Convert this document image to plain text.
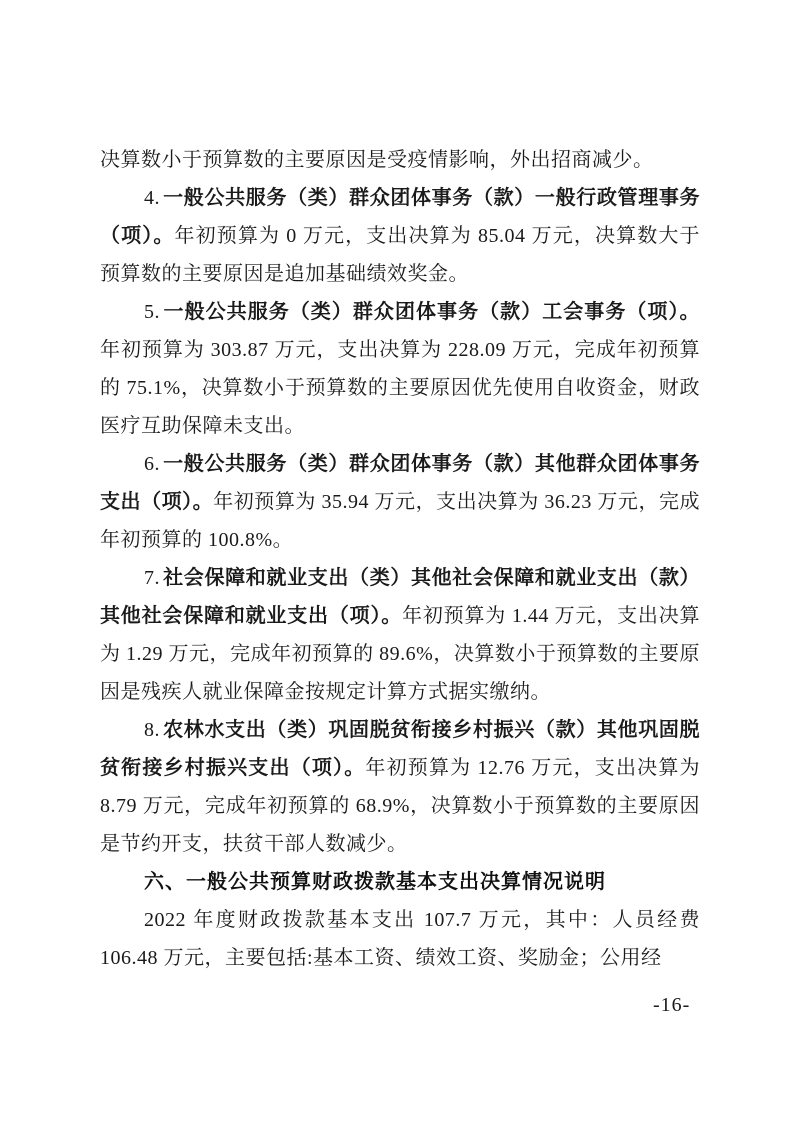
决算数小于预算数的主要原因是受疫情影响，外出招商减少。

4. 一般公共服务（类）群众团体事务（款）一般行政管理事务（项）。年初预算为 0 万元，支出决算为 85.04 万元，决算数大于预算数的主要原因是追加基础绩效奖金。

5. 一般公共服务（类）群众团体事务（款）工会事务（项）。年初预算为 303.87 万元，支出决算为 228.09 万元，完成年初预算的 75.1%，决算数小于预算数的主要原因优先使用自收资金，财政医疗互助保障未支出。

6. 一般公共服务（类）群众团体事务（款）其他群众团体事务支出（项）。年初预算为 35.94 万元，支出决算为 36.23 万元，完成年初预算的 100.8%。

7. 社会保障和就业支出（类）其他社会保障和就业支出（款）其他社会保障和就业支出（项）。年初预算为 1.44 万元，支出决算为 1.29 万元，完成年初预算的 89.6%，决算数小于预算数的主要原因是残疾人就业保障金按规定计算方式据实缴纳。

8. 农林水支出（类）巩固脱贫衔接乡村振兴（款）其他巩固脱贫衔接乡村振兴支出（项）。年初预算为 12.76 万元，支出决算为 8.79 万元，完成年初预算的 68.9%，决算数小于预算数的主要原因是节约开支，扶贫干部人数减少。

六、一般公共预算财政拨款基本支出决算情况说明

2022 年度财政拨款基本支出 107.7 万元，其中：人员经费 106.48 万元，主要包括:基本工资、绩效工资、奖励金；公用经

-16-
